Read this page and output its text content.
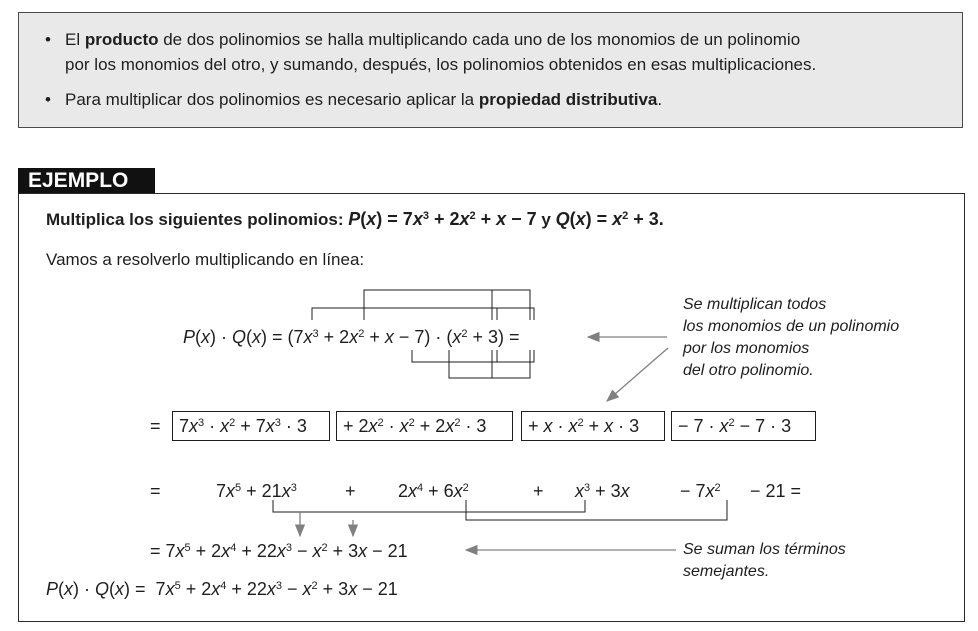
• El producto de dos polinomios se halla multiplicando cada uno de los monomios de un polinomio
por los monomios del otro, y sumando, después, los polinomios obtenidos en esas multiplicaciones.
• Para multiplicar dos polinomios es necesario aplicar la propiedad distributiva.
EJEMPLO
Multiplica los siguientes polinomios: $P(x) = 7x^3 + 2x^2 + x - 7$ y $Q(x) = x^2 + 3$.
Vamos a resolverlo multiplicando en línea:
$P(x) \cdot Q(x) = (7x^3 + 2x^2 + x - 7) \cdot (x^2 + 3)$ =
Se multiplican todos
los monomios de un polinomio
por los monomios
del otro polinomio.
=	$7x^3 \cdot x^2 + 7x^3 \cdot 3$	+ $2x^2 \cdot x^2 + 2x^2 \cdot 3$	+ $x \cdot x^2 + x \cdot 3$	− $7 \cdot x^2 - 7 \cdot 3$
=	$7x^5 + 21x^3$	+ $2x^4 + 6x^2$	+ $x^3 + 3x$	− $7x^2 - 21$ =
= $7x^5 + 2x^4 + 22x^3 - x^2 + 3x - 21$	Se suman los términos
semejantes.
$P(x) \cdot Q(x) = 7x^5 + 2x^4 + 22x^3 - x^2 + 3x - 21$
